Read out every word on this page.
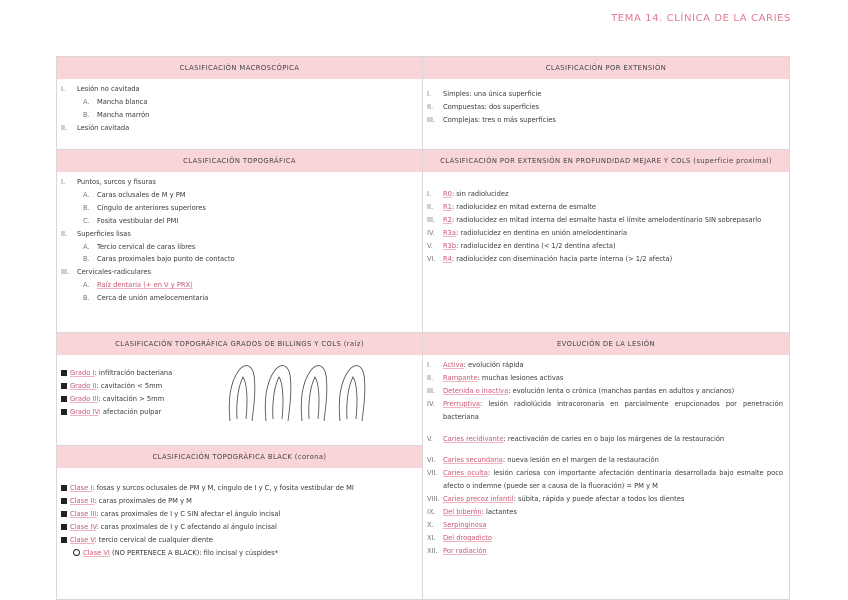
TEMA 14. CLÍNICA DE LA CARIES
CLASIFICACIÓN MACROSCÓPICA
I.	Lesión no cavitada
A.	Mancha blanca
B.	Mancha marrón
II.	Lesión cavitada
CLASIFICACIÓN POR EXTENSIÓN
I.	Simples: una única superficie
II.	Compuestas: dos superficies
III.	Complejas: tres o más superficies
CLASIFICACIÓN TOPOGRÁFICA
I.	Puntos, surcos y fisuras
A.	Caras oclusales de M y PM
B.	Cíngulo de anteriores superiores
C.	Fosita vestibular del PMI
II.	Superficies lisas
A.	Tercio cervical de caras libres
B.	Caras proximales bajo punto de contacto
III.	Cervicales-radiculares
A.	Raíz dentaria (+ en V y PRX)
B.	Cerca de unión amelocementaria
CLASIFICACIÓN POR EXTENSIÓN EN PROFUNDIDAD MEJARE Y COLS (superficie proximal)
I.	R0: sin radiolucidez
II.	R1: radiolucidez en mitad externa de esmalte
III.	R2: radiolucidez en mitad interna del esmalte hasta el límite amelodentinario SIN sobrepasarlo
IV.	R3a: radiolucidez en dentina en unión amelodentinaria
V.	R3b: radiolucidez en dentina (< 1/2 dentina afecta)
VI.	R4: radiolucidez con diseminación hacia parte interna (> 1/2 afecta)
CLASIFICACIÓN TOPOGRÁFICA GRADOS DE BILLINGS Y COLS (raíz)
Grado I: infiltración bacteriana
Grado II: cavitación < 5mm
Grado III: cavitación > 5mm
Grado IV: afectación pulpar
CLASIFICACIÓN TOPOGRÁFICA BLACK (corona)
Clase I: fosas y surcos oclusales de PM y M, cíngulo de I y C, y fosita vestibular de MI
Clase II: caras proximales de PM y M
Clase III: caras proximales de I y C SIN afectar el ángulo incisal
Clase IV: caras proximales de I y C afectando al ángulo incisal
Clase V: tercio cervical de cualquier diente
Clase VI (NO PERTENECE A BLACK): filo incisal y cúspides*
EVOLUCIÓN DE LA LESIÓN
I.	Activa: evolución rápida
II.	Rampante: muchas lesiones activas
III.	Detenida o inactiva: evolución lenta o crónica (manchas pardas en adultos y ancianos)
IV.	Prerruptiva: lesión radiolúcida intracoronaria en parcialmente erupcionados por penetración bacteriana
V.	Caries recidivante: reactivación de caries en o bajo los márgenes de la restauración
VI.	Caries secundaria: nueva lesión en el margen de la restauración
VII. Caries oculta: lesión cariosa con importante afectación dentinaria desarrollada bajo esmalte poco afecto o indemne (puede ser a causa de la fluoración) = PM y M
VIII. Caries precoz infantil: súbita, rápida y puede afectar a todos los dientes
IX.	Del biberón: lactantes
X.	Serpinginosa
XI.	Del drogadicto
XII. Por radiación
